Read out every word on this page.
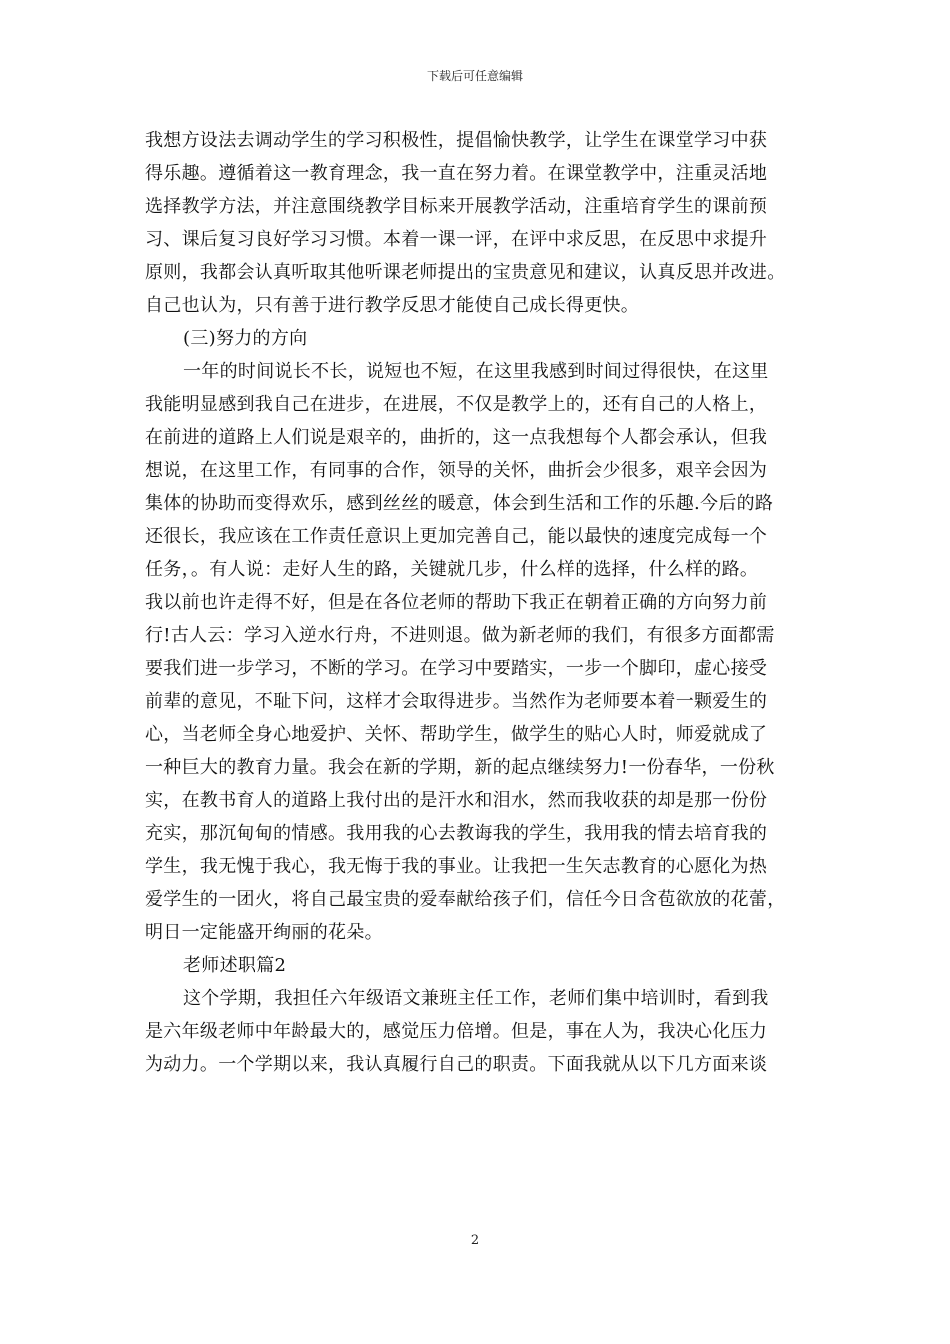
下载后可任意编辑
我想方设法去调动学生的学习积极性，提倡愉快教学，让学生在课堂学习中获
得乐趣。遵循着这一教育理念，我一直在努力着。在课堂教学中，注重灵活地
选择教学方法，并注意围绕教学目标来开展教学活动，注重培育学生的课前预
习、课后复习良好学习习惯。本着一课一评，在评中求反思，在反思中求提升
原则，我都会认真听取其他听课老师提出的宝贵意见和建议，认真反思并改进。
自己也认为，只有善于进行教学反思才能使自己成长得更快。
(三)努力的方向
一年的时间说长不长，说短也不短，在这里我感到时间过得很快，在这里
我能明显感到我自己在进步，在进展，不仅是教学上的，还有自己的人格上，
在前进的道路上人们说是艰辛的，曲折的，这一点我想每个人都会承认，但我
想说，在这里工作，有同事的合作，领导的关怀，曲折会少很多，艰辛会因为
集体的协助而变得欢乐，感到丝丝的暖意，体会到生活和工作的乐趣.今后的路
还很长，我应该在工作责任意识上更加完善自己，能以最快的速度完成每一个
任务，。有人说：走好人生的路，关键就几步，什么样的选择，什么样的路。
我以前也许走得不好，但是在各位老师的帮助下我正在朝着正确的方向努力前
行!古人云：学习入逆水行舟，不进则退。做为新老师的我们，有很多方面都需
要我们进一步学习，不断的学习。在学习中要踏实，一步一个脚印，虚心接受
前辈的意见，不耻下问，这样才会取得进步。当然作为老师要本着一颗爱生的
心，当老师全身心地爱护、关怀、帮助学生，做学生的贴心人时，师爱就成了
一种巨大的教育力量。我会在新的学期，新的起点继续努力!一份春华，一份秋
实，在教书育人的道路上我付出的是汗水和泪水，然而我收获的却是那一份份
充实，那沉甸甸的情感。我用我的心去教诲我的学生，我用我的情去培育我的
学生，我无愧于我心，我无悔于我的事业。让我把一生矢志教育的心愿化为热
爱学生的一团火，将自己最宝贵的爱奉献给孩子们，信任今日含苞欲放的花蕾，
明日一定能盛开绚丽的花朵。
老师述职篇2
这个学期，我担任六年级语文兼班主任工作，老师们集中培训时，看到我
是六年级老师中年龄最大的，感觉压力倍增。但是，事在人为，我决心化压力
为动力。一个学期以来，我认真履行自己的职责。下面我就从以下几方面来谈
2
